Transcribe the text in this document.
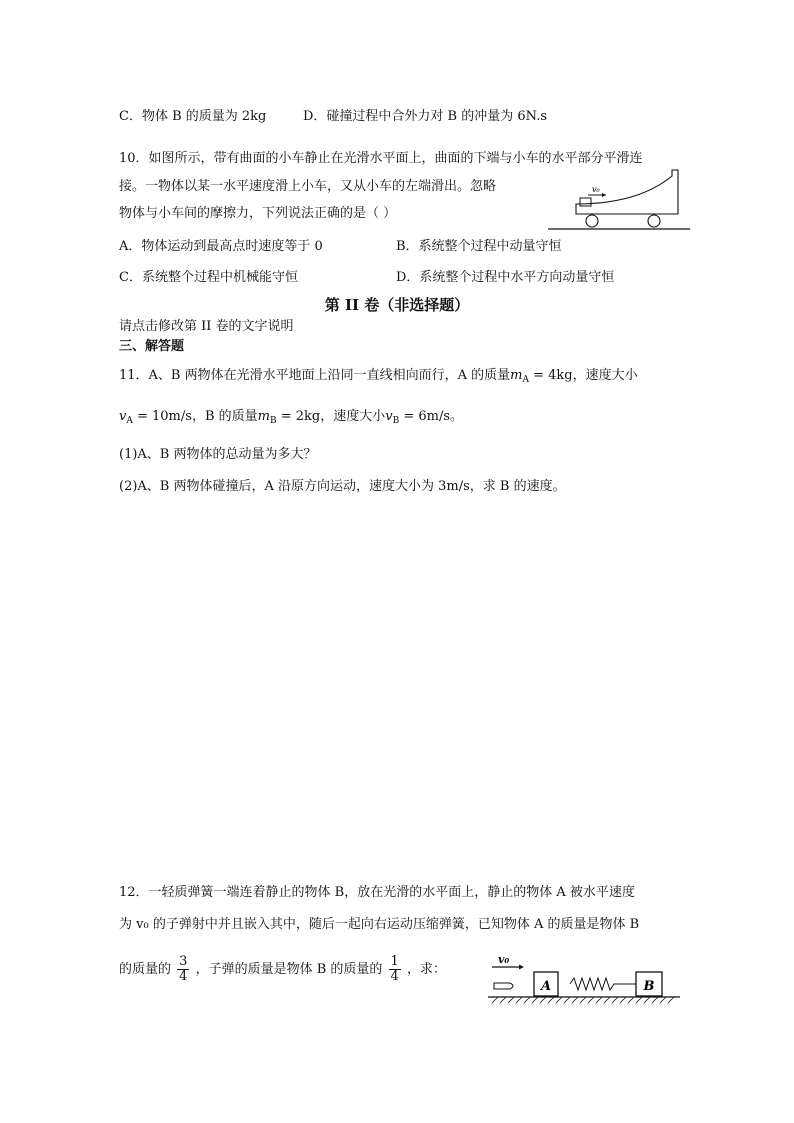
C．物体 B 的质量为 2kg	D．碰撞过程中合外力对 B 的冲量为 6N.s
10．如图所示，带有曲面的小车静止在光滑水平面上，曲面的下端与小车的水平部分平滑连
接。一物体以某一水平速度滑上小车，又从小车的左端滑出。忽略
物体与小车间的摩擦力，下列说法正确的是（ ）
v₀
A．物体运动到最高点时速度等于 0	B．系统整个过程中动量守恒
C．系统整个过程中机械能守恒	D．系统整个过程中水平方向动量守恒
第 II 卷（非选择题）
请点击修改第 II 卷的文字说明
三、解答题
11．A、B 两物体在光滑水平地面上沿同一直线相向而行，A 的质量$m_A = 4kg$，速度大小
$v_A = 10m/s$，B 的质量$m_B = 2kg$，速度大小$v_B = 6m/s$。
(1)A、B 两物体的总动量为多大？
(2)A、B 两物体碰撞后，A 沿原方向运动，速度大小为 3m/s，求 B 的速度。
12．一轻质弹簧一端连着静止的物体 B，放在光滑的水平面上，静止的物体 A 被水平速度
为 v₀ 的子弹射中并且嵌入其中，随后一起向右运动压缩弹簧，已知物体 A 的质量是物体 B
的质量的 $\frac{3}{4}$ ，子弹的质量是物体 B 的质量的 $\frac{1}{4}$ ，求：
v₀
A	B
